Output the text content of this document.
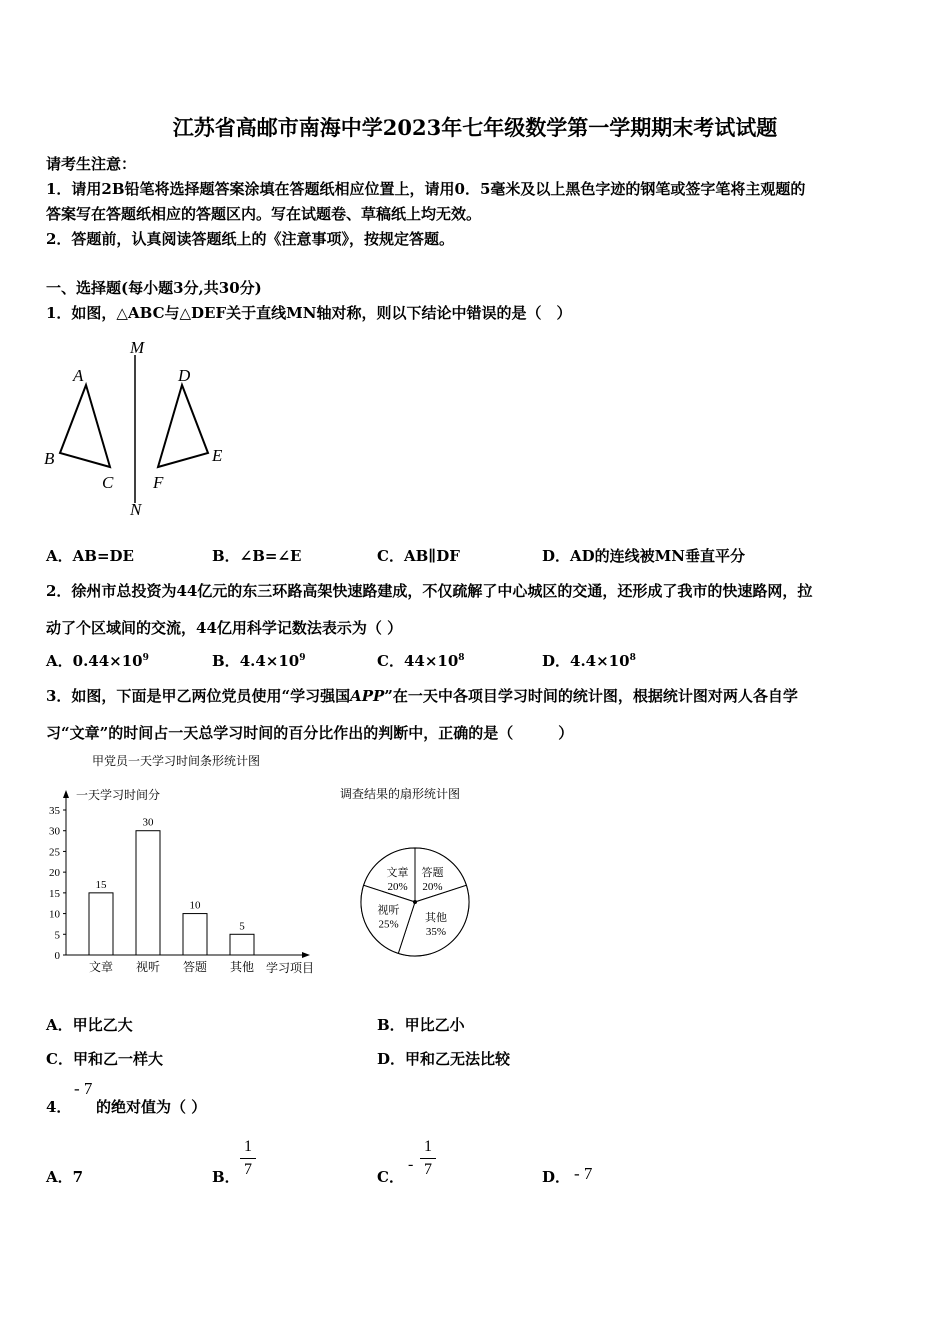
江苏省高邮市南海中学2023年七年级数学第一学期期末考试试题
请考生注意：
1．请用2B铅笔将选择题答案涂填在答题纸相应位置上，请用0．5毫米及以上黑色字迹的钢笔或签字笔将主观题的
答案写在答题纸相应的答题区内。写在试题卷、草稿纸上均无效。
2．答题前，认真阅读答题纸上的《注意事项》，按规定答题。
一、选择题(每小题3分,共30分)
1．如图，△ABC与△DEF关于直线MN轴对称，则以下结论中错误的是（　）
M
N
A
B
C
D
E
F
A．AB=DE	B．∠B=∠E	C．AB∥DF	D．AD的连线被MN垂直平分
2．徐州市总投资为44亿元的东三环路高架快速路建成，不仅疏解了中心城区的交通，还形成了我市的快速路网，拉
动了个区域间的交流，44亿用科学记数法表示为（ ）
A．$0.44\times 10^9$	B．$4.4\times 10^9$	C．$44\times 10^8$	D．$4.4\times 10^8$
3．如图，下面是甲乙两位党员使用“学习强国APP”在一天中各项目学习时间的统计图，根据统计图对两人各自学
习“文章”的时间占一天总学习时间的百分比作出的判断中，正确的是（　　　）
甲党员一天学习时间条形统计图
一天学习时间分
0
5
10
15
20
25
30
35
15
文章
30
视听
10
答题
5
其他 学习项目
调查结果的扇形统计图
文章
20%
答题
20%
其他
35%
视听
25%
A．甲比乙大	B．甲比乙小
C．甲和乙一样大	D．甲和乙无法比较
4．
- 7
的绝对值为（ ）
A．7	B．
1
7	C．
-
1
7	D． - 7
